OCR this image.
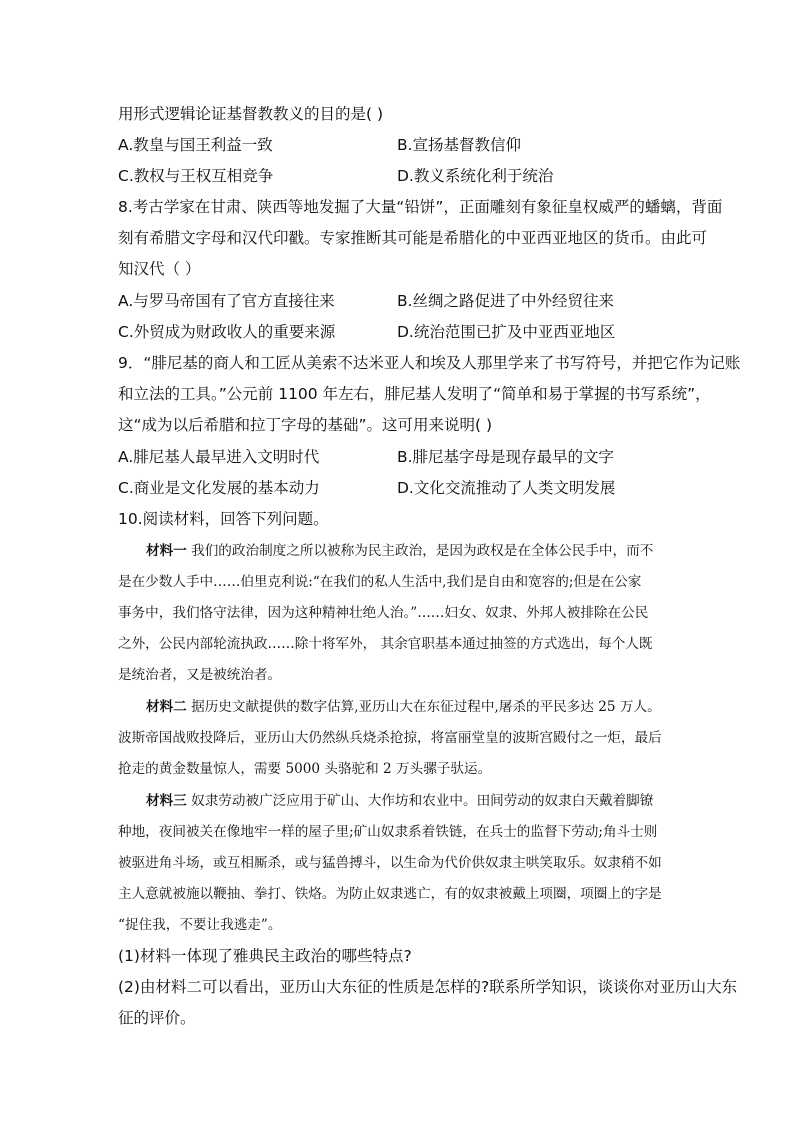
用形式逻辑论证基督教教义的目的是( )
A.教皇与国王利益一致	B.宣扬基督教信仰
C.教权与王权互相竞争	D.教义系统化利于统治
8.考古学家在甘肃、陕西等地发掘了大量“铅饼”，正面雕刻有象征皇权威严的蟠螭，背面
刻有希腊文字母和汉代印戳。专家推断其可能是希腊化的中亚西亚地区的货币。由此可
知汉代（ ）
A.与罗马帝国有了官方直接往来	B.丝绸之路促进了中外经贸往来
C.外贸成为财政收人的重要来源	D.统治范围已扩及中亚西亚地区
9．“腓尼基的商人和工匠从美索不达米亚人和埃及人那里学来了书写符号，并把它作为记账
和立法的工具。”公元前 1100 年左右，腓尼基人发明了“简单和易于掌握的书写系统”，
这“成为以后希腊和拉丁字母的基础”。这可用来说明( )
A.腓尼基人最早进入文明时代	B.腓尼基字母是现存最早的文字
C.商业是文化发展的基本动力	D.文化交流推动了人类文明发展
10.阅读材料，回答下列问题。
材料一 我们的政治制度之所以被称为民主政治，是因为政权是在全体公民手中，而不
是在少数人手中……伯里克利说:“在我们的私人生活中,我们是自由和宽容的;但是在公家
事务中，我们恪守法律，因为这种精神壮绝人治。”……妇女、奴隶、外邦人被排除在公民
之外，公民内部轮流执政……除十将军外， 其余官职基本通过抽签的方式选出，每个人既
是统治者，又是被统治者。
材料二 据历史文献提供的数字估算,亚历山大在东征过程中,屠杀的平民多达 25 万人。
波斯帝国战败投降后，亚历山大仍然纵兵烧杀抢掠，将富丽堂皇的波斯宫殿付之一炬，最后
抢走的黄金数量惊人，需要 5000 头骆驼和 2 万头骡子驮运。
材料三 奴隶劳动被广泛应用于矿山、大作坊和农业中。田间劳动的奴隶白天戴着脚镣
种地，夜间被关在像地牢一样的屋子里;矿山奴隶系着铁链，在兵士的监督下劳动;角斗士则
被驱进角斗场，或互相厮杀，或与猛兽搏斗，以生命为代价供奴隶主哄笑取乐。奴隶稍不如
主人意就被施以鞭抽、拳打、铁烙。为防止奴隶逃亡，有的奴隶被戴上项圈，项圈上的字是
“捉住我，不要让我逃走”。
(1)材料一体现了雅典民主政治的哪些特点?
(2)由材料二可以看出，亚历山大东征的性质是怎样的?联系所学知识，谈谈你对亚历山大东
征的评价。
